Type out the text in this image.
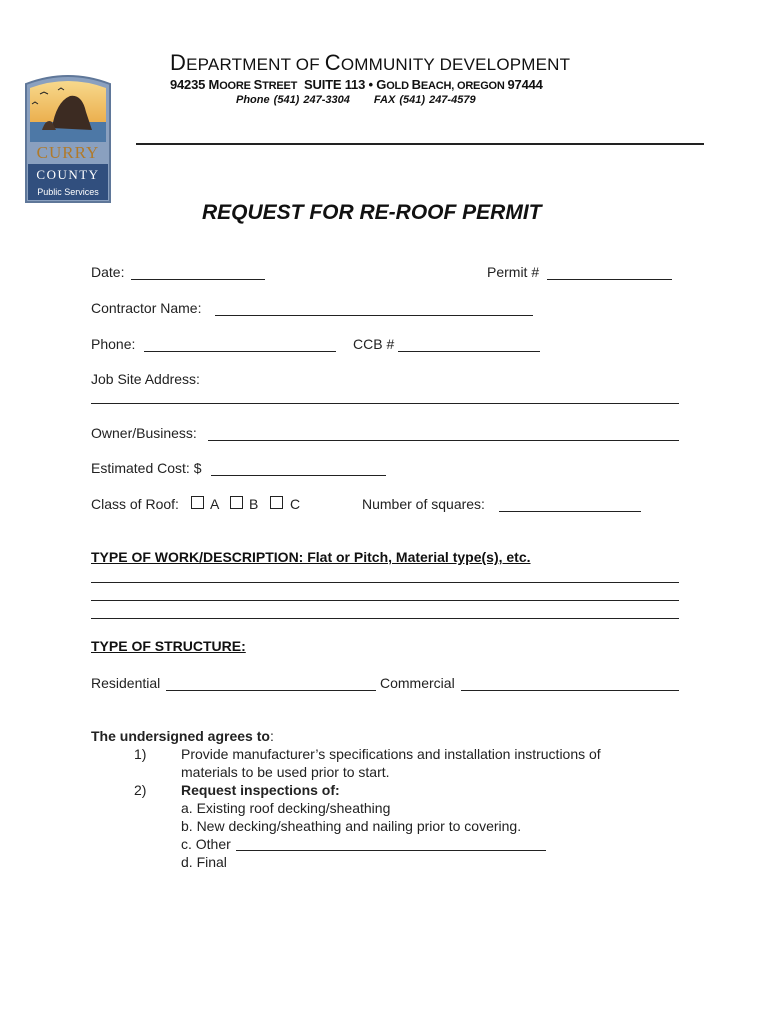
CURRY
COUNTY
Public Services
DEPARTMENT OF COMMUNITY DEVELOPMENT
94235 MOORE STREET SUITE 113 • GOLD BEACH, OREGON 97444
Phone (541) 247-3304 FAX (541) 247-4579
REQUEST FOR RE-ROOF PERMIT
Date:	Permit #
Contractor Name:
Phone:	CCB #
Job Site Address:
Owner/Business:
Estimated Cost: $
Class of Roof: A B C	Number of squares:
TYPE OF WORK/DESCRIPTION: Flat or Pitch, Material type(s), etc.
TYPE OF STRUCTURE:
Residential	Commercial
The undersigned agrees to:
1) Provide manufacturer’s specifications and installation instructions of
materials to be used prior to start.
2) Request inspections of:
a. Existing roof decking/sheathing
b. New decking/sheathing and nailing prior to covering.
c. Other
d. Final
